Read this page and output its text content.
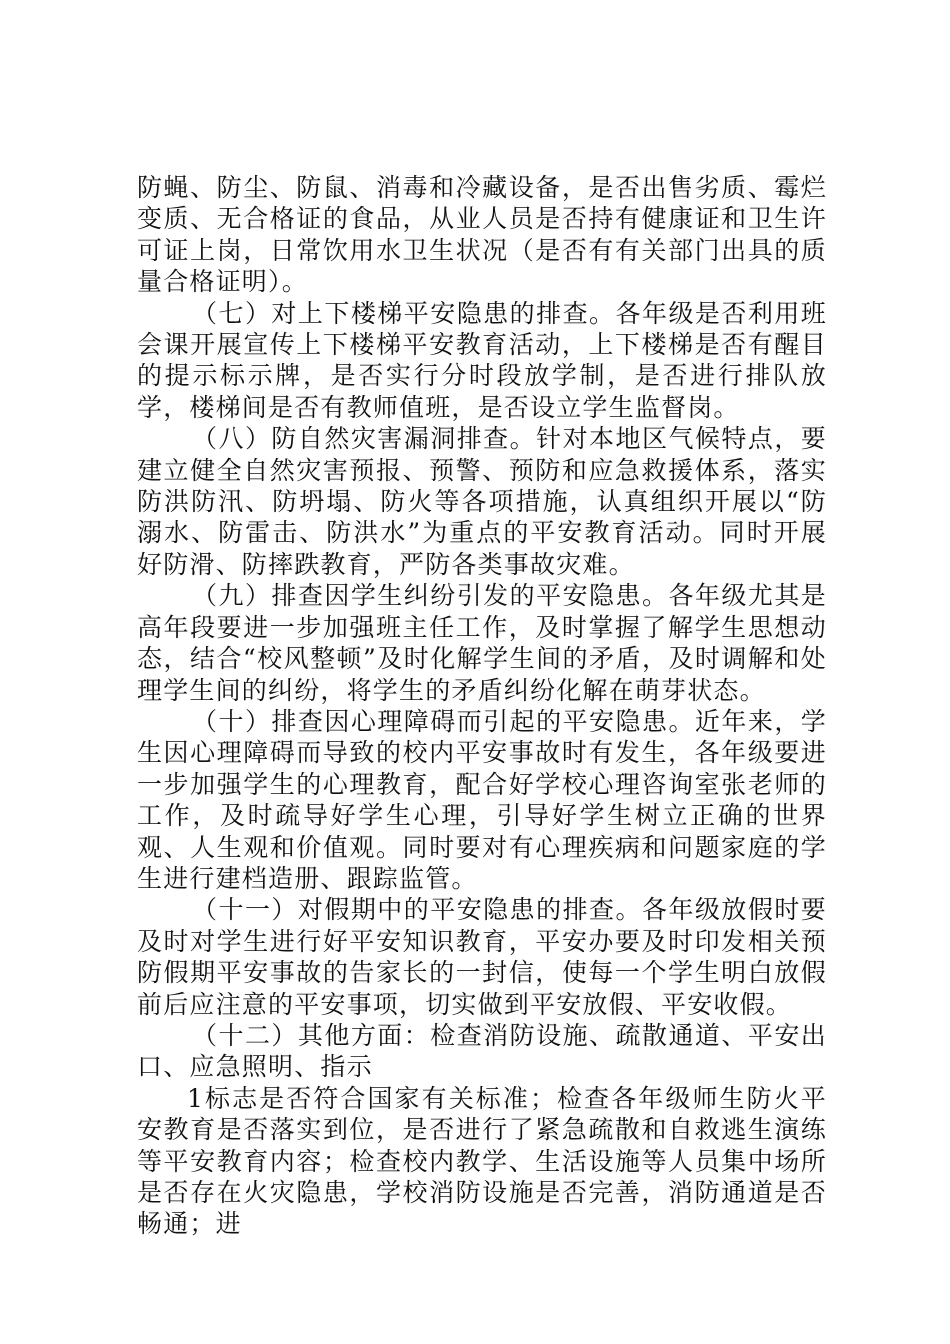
防蝇、防尘、防鼠、消毒和冷藏设备，是否出售劣质、霉烂变质、无合格证的食品，从业人员是否持有健康证和卫生许可证上岗，日常饮用水卫生状况（是否有有关部门出具的质量合格证明）。

（七）对上下楼梯平安隐患的排查。各年级是否利用班会课开展宣传上下楼梯平安教育活动，上下楼梯是否有醒目的提示标示牌，是否实行分时段放学制，是否进行排队放学，楼梯间是否有教师值班，是否设立学生监督岗。

（八）防自然灾害漏洞排查。针对本地区气候特点，要建立健全自然灾害预报、预警、预防和应急救援体系，落实防洪防汛、防坍塌、防火等各项措施，认真组织开展以“防溺水、防雷击、防洪水”为重点的平安教育活动。同时开展好防滑、防摔跌教育，严防各类事故灾难。

（九）排查因学生纠纷引发的平安隐患。各年级尤其是高年段要进一步加强班主任工作，及时掌握了解学生思想动态，结合“校风整顿”及时化解学生间的矛盾，及时调解和处理学生间的纠纷，将学生的矛盾纠纷化解在萌芽状态。

（十）排查因心理障碍而引起的平安隐患。近年来，学生因心理障碍而导致的校内平安事故时有发生，各年级要进一步加强学生的心理教育，配合好学校心理咨询室张老师的工作，及时疏导好学生心理，引导好学生树立正确的世界观、人生观和价值观。同时要对有心理疾病和问题家庭的学生进行建档造册、跟踪监管。

（十一）对假期中的平安隐患的排查。各年级放假时要及时对学生进行好平安知识教育，平安办要及时印发相关预防假期平安事故的告家长的一封信，使每一个学生明白放假前后应注意的平安事项，切实做到平安放假、平安收假。

（十二）其他方面：检查消防设施、疏散通道、平安出口、应急照明、指示

1标志是否符合国家有关标准；检查各年级师生防火平安教育是否落实到位，是否进行了紧急疏散和自救逃生演练等平安教育内容；检查校内教学、生活设施等人员集中场所是否存在火灾隐患，学校消防设施是否完善，消防通道是否畅通；进
